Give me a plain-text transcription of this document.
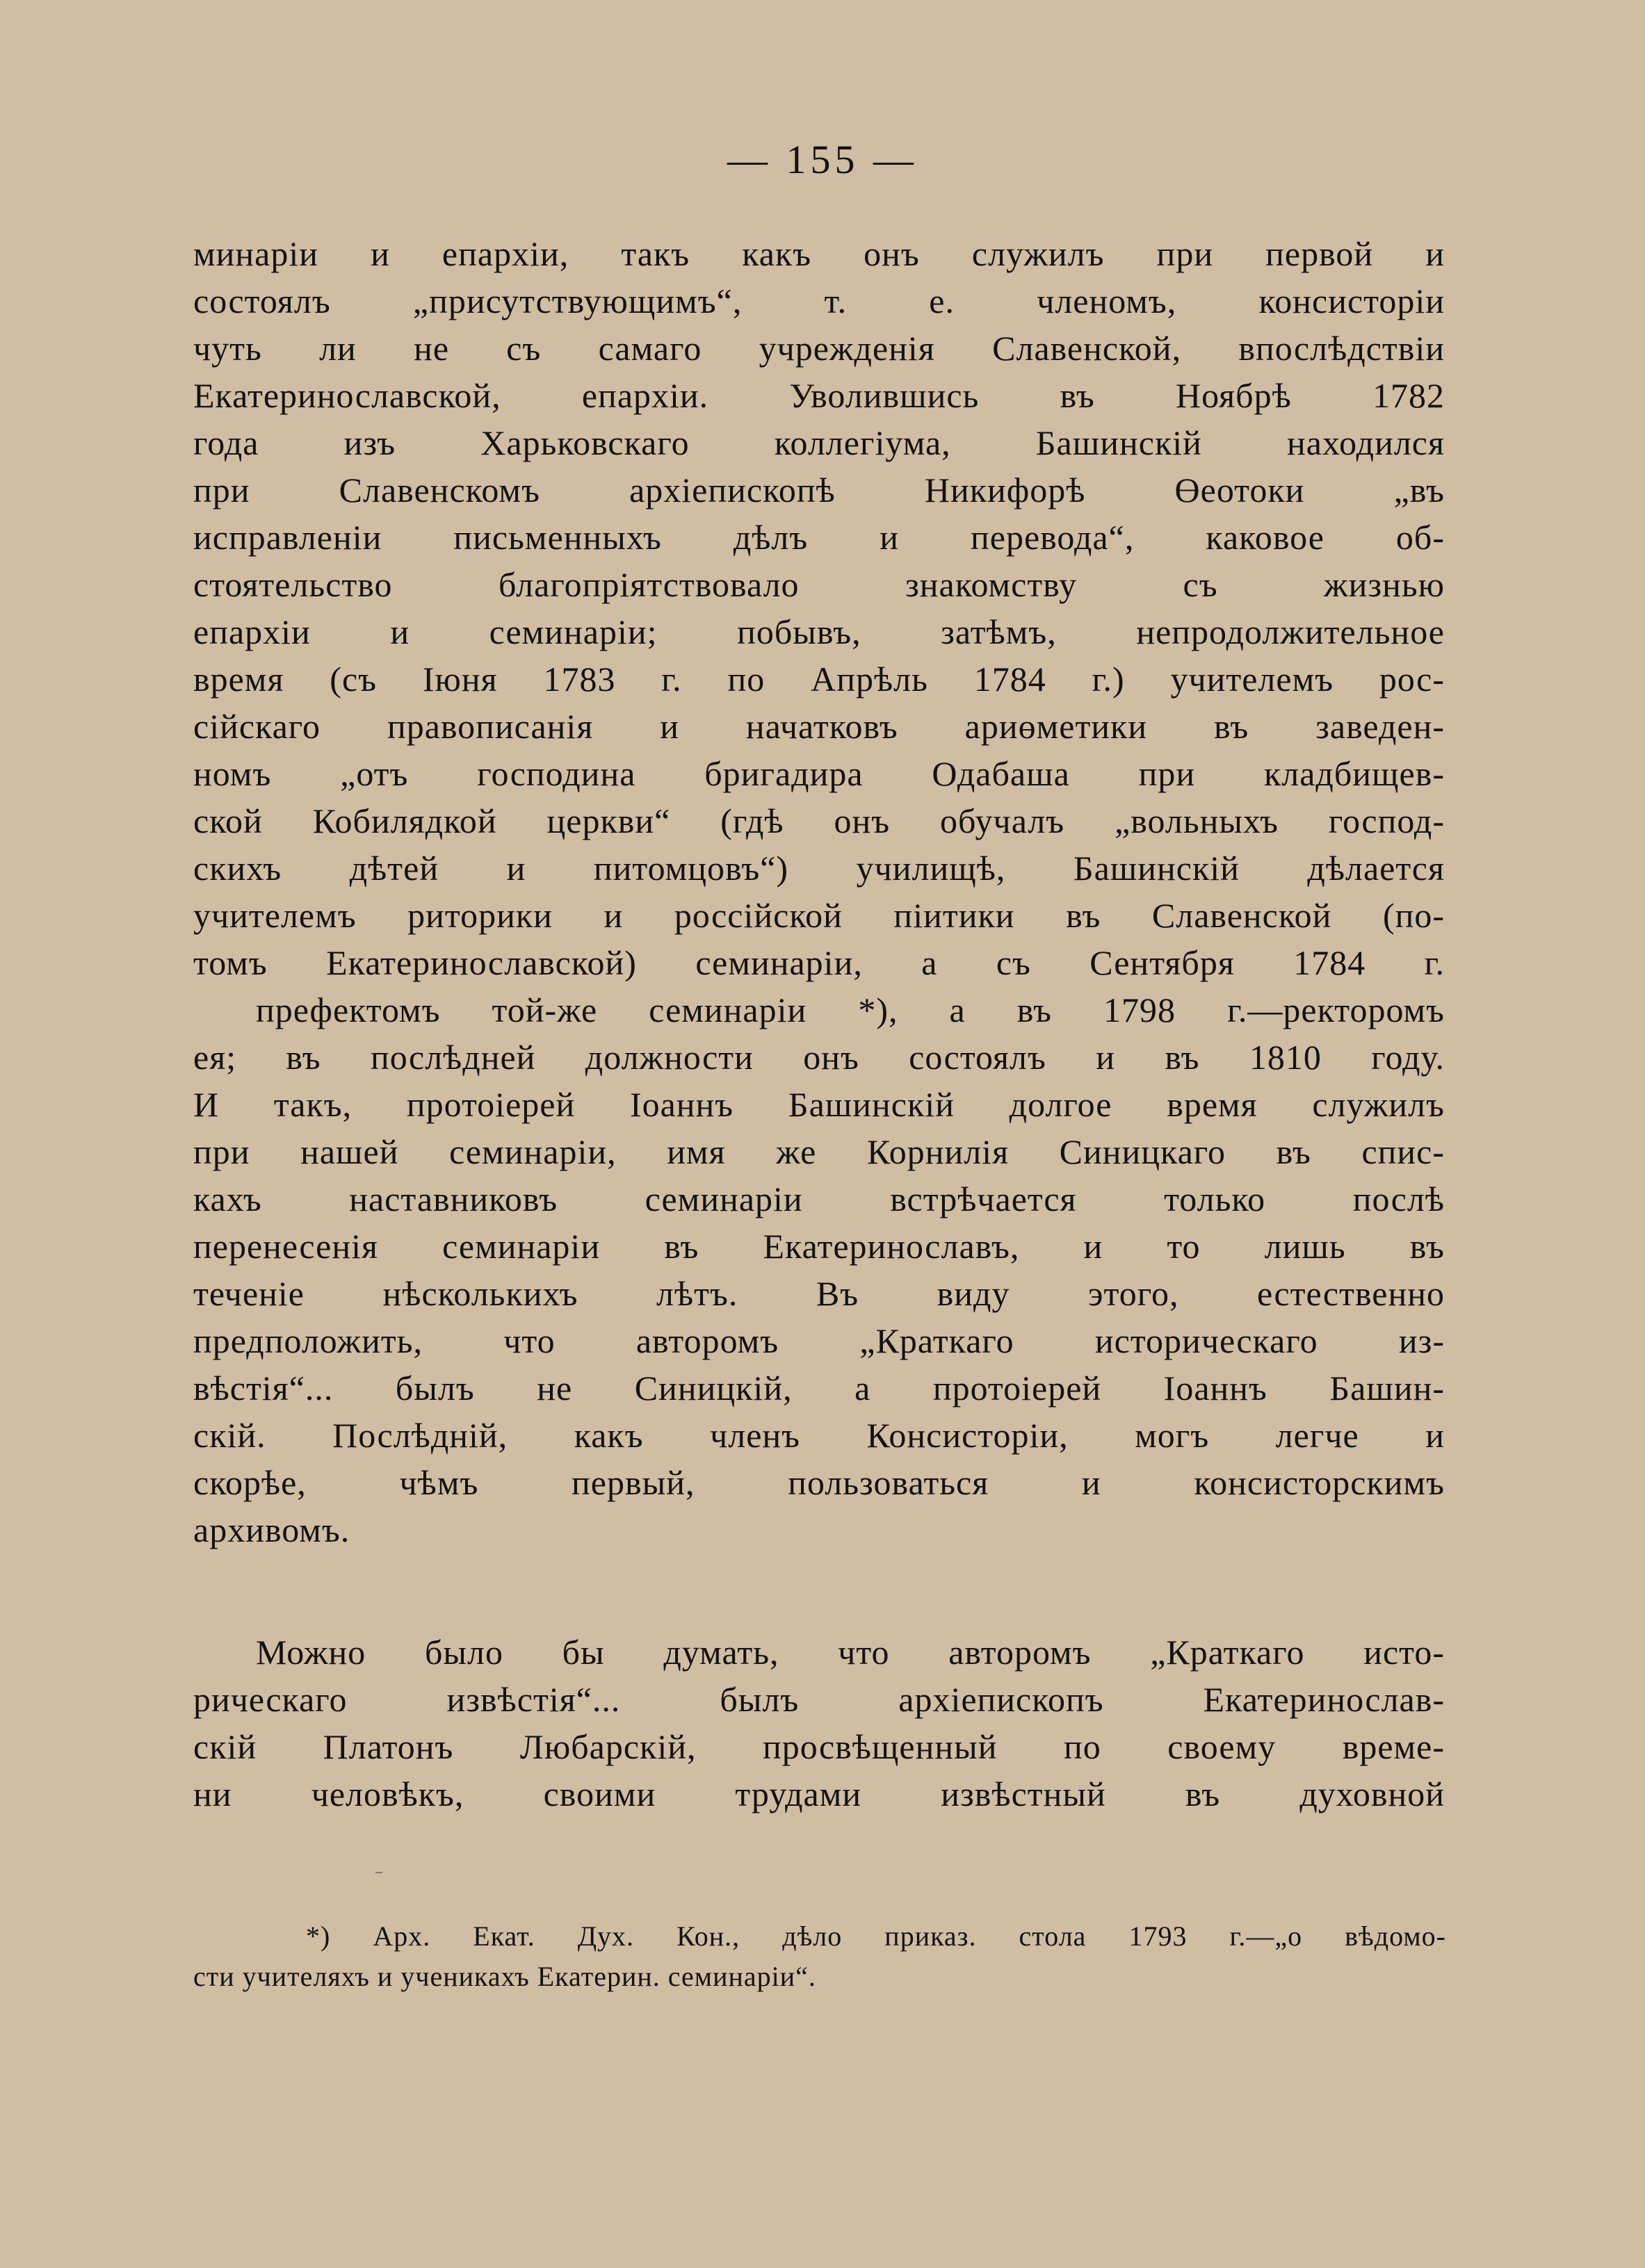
— 155 —
минаріи и епархіи, такъ какъ онъ служилъ при первой и
состоялъ „присутствующимъ“, т. е. членомъ, консисторіи
чуть ли не съ самаго учрежденія Славенской, впослѣдствіи
Екатеринославской, епархіи. Уволившись въ Ноябрѣ 1782
года изъ Харьковскаго коллегіума, Башинскій находился
при Славенскомъ архіепископѣ Никифорѣ Өеотоки „въ
исправленіи письменныхъ дѣлъ и перевода“, каковое об-
стоятельство благопріятствовало знакомству съ жизнью
епархіи и семинаріи; побывъ, затѣмъ, непродолжительное
время (съ Іюня 1783 г. по Апрѣль 1784 г.) учителемъ рос-
сійскаго правописанія и начатковъ ариөметики въ заведен-
номъ „отъ господина бригадира Одабаша при кладбищев-
ской Кобилядкой церкви“ (гдѣ онъ обучалъ „вольныхъ господ-
скихъ дѣтей и питомцовъ“) училищѣ, Башинскій дѣлается
учителемъ риторики и россійской піитики въ Славенской (по-
томъ Екатеринославской) семинаріи, а съ Сентября 1784 г.
префектомъ той-же семинаріи *), а въ 1798 г.—ректоромъ
ея; въ послѣдней должности онъ состоялъ и въ 1810 году.
И такъ, протоіерей Іоаннъ Башинскій долгое время служилъ
при нашей семинаріи, имя же Корнилія Синицкаго въ спис-
кахъ наставниковъ семинаріи встрѣчается только послѣ
перенесенія семинаріи въ Екатеринославъ, и то лишь въ
теченіе нѣсколькихъ лѣтъ. Въ виду этого, естественно
предположить, что авторомъ „Краткаго историческаго из-
вѣстія“... былъ не Синицкій, а протоіерей Іоаннъ Башин-
скій. Послѣдній, какъ членъ Консисторіи, могъ легче и
скорѣе, чѣмъ первый, пользоваться и консисторскимъ
архивомъ.
Можно было бы думать, что авторомъ „Краткаго исто-
рическаго извѣстія“... былъ архіепископъ Екатеринослав-
скій Платонъ Любарскій, просвѣщенный по своему време-
ни человѣкъ, своими трудами извѣстный въ духовной
*) Арх. Екат. Дух. Кон., дѣло приказ. стола 1793 г.—„о вѣдомо-
сти учителяхъ и ученикахъ Екатерин. семинаріи“.
